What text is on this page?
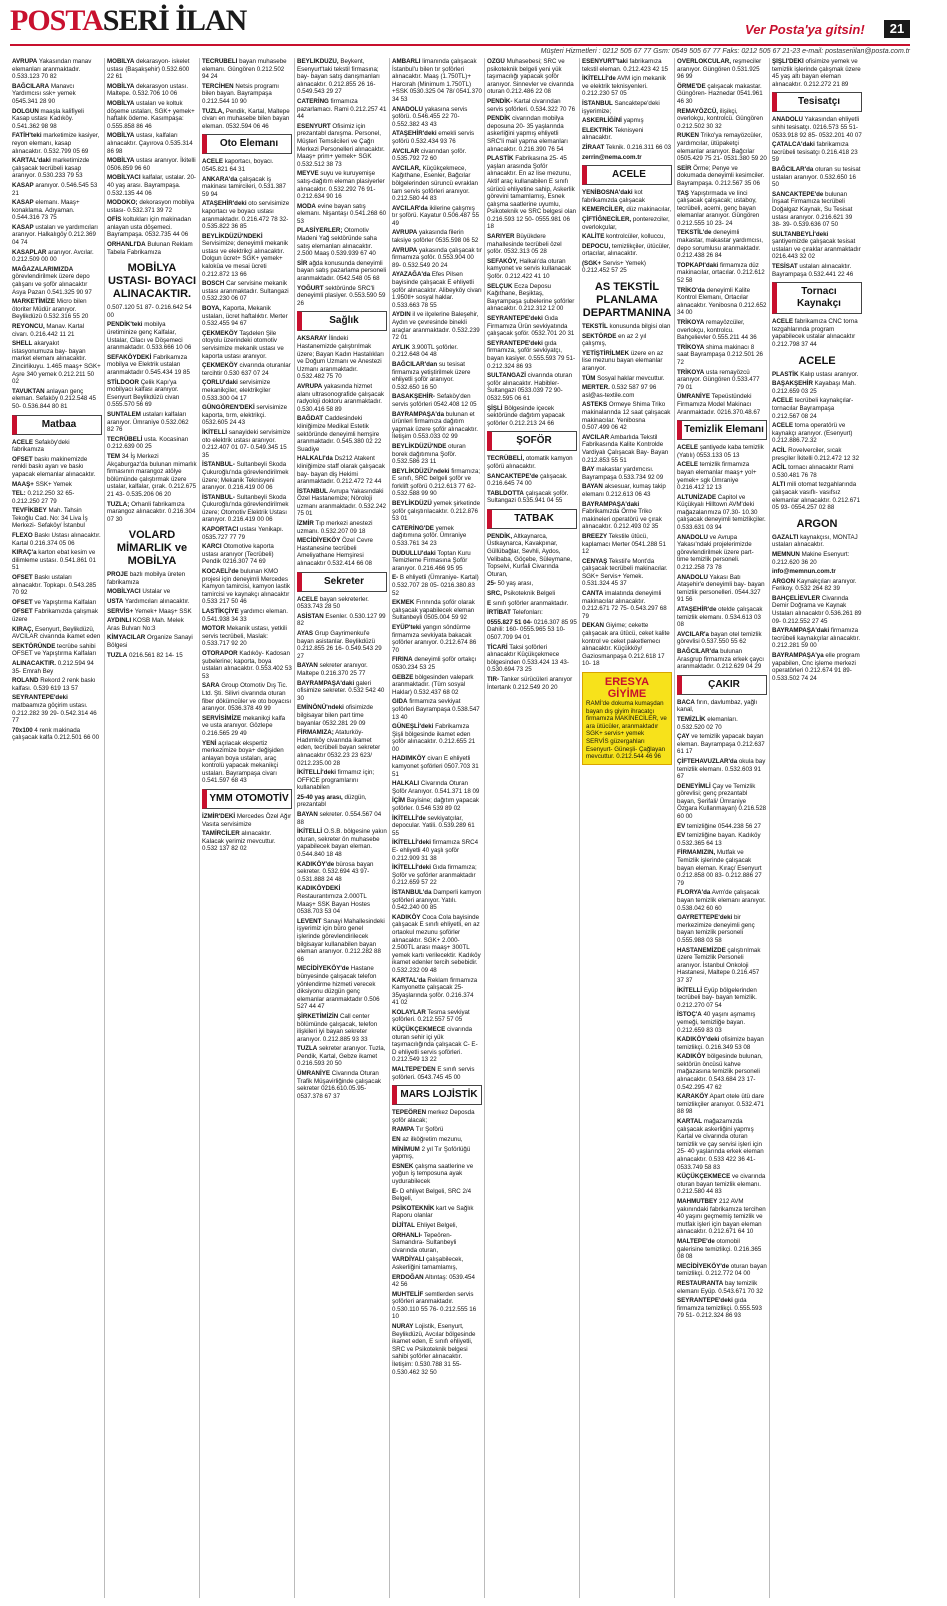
POSTASERİ İLAN	Ver Posta'ya gitsin!	21
Müşteri Hizmetleri : 0212 505 67 77 Gsm: 0549 505 67 77 Faks: 0212 505 67 21-23 e-mail: postaseriilan@posta.com.tr
AVRUPA Yakasından manav elemanları aranmaktadır. 0.533.123 70 82
BAĞCILARA Manavcı Yardımcısı ssk+ yemek 0545.341 28 90
DOLGUN maaşla kalifiyeli Kasap ustası Kadıköy. 0.541.362 98 98
FATİH'teki marketimize kasiyer, reyon elemanı, kasap alınacaktır. 0.532.799 05 69
KARTAL'daki marketimizde çalışacak tecrübeli kasap aranıyor. 0.530.233 79 53
KASAP aranıyor. 0.546.545 53 21
KASAP elemanı. Maaş+ konaklama. Adıyaman. 0.544.316 73 75
KASAP ustaları ve yardımcıları aranıyor. Halkalıgöy 0.212.369 04 74
KASAPLAR aranıyor. Avcılar. 0.212.509 00 00
MAĞAZALARIMIZDA görevlendirilmek üzere depo çalışanı ve şoför alınacaktır Asya Pazarı 0.541.325 90 97
MARKETİMİZE Micro bilen ötoriter Müdür aranıyor. Beylikdüzü 0.532.316 55 20
REYONCU, Manav. Kartal civarı. 0.216.442 11 21
SHELL akaryakıt istasyonumuza bay- bayan market elemanı alınacaktır. Zincirlikuyu. 1.465 maaş+ SGK+ Aşre 340 yemek 0.212.211 50 02
TAVUKTAN anlayan genç eleman. Sefaköy 0.212.548 45 50- 0.536.844 80 81
Matbaa
ACELE Sefaköy'deki fabrikamıza
OFSET baskı makinemizde renkli baskı ayarı ve baskı yapacak elemanlar alınacaktır.
MAAŞ+ SSK+ Yemek
TEL: 0.212.250 32 65- 0.212.250 27 79
TEVFİKBEY Mah. Tahsin Tekoğlu Cad. No: 34 Livа İş Merkezi- Sefaköy/ İstanbul
FLEXO Baskı Ustası alınacaktır. Kartal 0.216.374 05 06
KIRAÇ'a karton ebat kesim ve dilimleme ustası. 0.541.861 01 51
OFSET Baskı ustaları alınacaktır. Topkapı. 0.543.285 70 92
OFSET ve Yapıştırma Kalfaları
OFSET Fabrikamızda çalışmak üzere
KIRAÇ, Esenyurt, Beylikdüzü, AVCILAR civarında ikamet eden
SEKTÖRÜNDE tecrübe sahibi OFSET ve Yapıştırma Kalfaları
ALINACAKTIR. 0.212.594 94 35- Emrah Bey
ROLAND Rekord 2 renk baskı kalfası. 0.539 619 13 57
SEYRANTEPE'deki matbaamıza göçirim ustası. 0.212.282 39 29- 0.542.314 46 77
70x100 4 renk makinada çalışacak kalfa 0.212.501 66 00
MOBİLYA dekarasyon- iskelet ustası (Başakşehir) 0.532.600 22 61
MOBİLYA dekarasyon ustası. Maltepe. 0.532.706 10 06
MOBİLYA ustaları ve koltuk döşeme ustaları, SGK+ yemek+ haftalık ödeme. Kasımpaşa: 0.555.858 86 46
MOBİLYA ustası, kalfaları alınacaktır. Çayırova 0.535.314 86 98
MOBİLYA ustası aranıyor. İkitelli 0506.859 96 60
MOBİLYACI kalfalar, ustalar. 20- 40 yaş arası. Bayrampaşa. 0.532.135 44 06
MODOKO; dekorasyon mobilya ustası- 0.532.371 39 72
OFİS koltukları için makinadan anlayan usta döşemeci. Bayrampaşa. 0532.735 44 06
ORHANLI'DA Bulunan Reklam Tabela Fabrikamıza
MOBİLYA USTASI- BOYACI ALINACAKTIR.
0.507.120 51 87- 0.216.642 54 00
PENDİK'teki mobilya üretiminize genç Kalfalar, Ustalar, Cilacı ve Döşemeci aranmaktadır. 0.533.666 10 06
SEFAKÖYDEKİ Fabrikamıza mobilya ve Elektrik ustaları aranmaktadır 0.545.434 19 85
STİLDOOR Çelik Kapı'ya mobilyacı kalfası aranıyor. Esenyurt Beylikdüzü civarı 0.555.570 56 69
SUNTALEM ustaları kalfaları aranıyor. Ümraniye 0.532.062 82 76
TECRÜBELİ usta. Kocasinan 0.212.639 00 25
TEM 34 İş Merkezi Akçaburgaz'da bulunan mimarlık firmasının marangoz atölye bölümünde çalıştırmak üzere ustalar, kalfalar, çırak. 0.212.675 21 43- 0.535.206 06 20
TUZLA; Orhanli fabrikamıza marangoz alınacaktır. 0.216.304 07 30
VOLARD MİMARLIK ve MOBİLYA
PROJE bazlı mobilya üreten fabrikamıza
MOBİLYACI Ustalar ve
USTA Yardımcıları alınacaktır.
SERVİS+ Yemek+ Maaş+ SSK
AYDINLI KOSB Mah. Melek Aras Bulvarı No:3
KİMYACILAR Organize Sanayi Bölgesi
TUZLA 0216.561 82 14- 15
TECRÜBELİ bayan muhasebe elemanı. Güngören 0.212.502 94 24
TERCİHEN Netsis programı bilen bayan. Bayrampaşa 0.212.544 10 90
TUZLA, Pendik, Kartal, Maltepe civarı en muhasebe bilen bayan eleman. 0532.594 06 46
Oto Elemanı
ACELE kaportacı, boyacı. 0545.821 64 31
ANKARA'da çalışacak iş makinası tamircileri, 0.531.387 59 94
ATAŞEHİR'deki oto servisimize kaportacı ve boyacı ustası aranmaktadır. 0.216.472 78 32- 0.535.822 36 85
BEYLİKDÜZÜ'NDEKİ Servisimize; deneyimli mekanik ustası ve elektrikçi alınacaktır. Dolgun ücret+ SGK+ yemek+ kaloküa ve mesai ücreti 0.212.872 13 66
BOSCH Car servisine mekanik ustası aranmaktadır. Sultangazi 0.532.230 06 07
BOYA, Kaporta, Mekanik ustaları, ücret haftalıktır. Merter 0.532.455 94 67
ÇEKMEKÖY Taşdelen Şile otoyolu üzerindeki otomotiv servisimize mekanik ustası ve kaporta ustası aranıyor.
ÇEKMEKÖY civarında oturanlar tercihtir 0.530 637 07 24
ÇORLU'daki servisimize mekanikçiler, elektrikçiler 0.533.300 04 17
GÜNGÖREN'DEKİ servisimize kaporta, tırm, elektrikçi. 0532.605 24 43
İKİTELLİ sanayideki servisimize oto elektrik ustası aranıyor. 0.212.407 01 07- 0.549.345 15 35
İSTANBUL- Sultanbeyli Skoda Çukuroğlu'nda görevlendirilmek üzere; Mekanik Teknisyeni aranıyor. 0.216.419 00 06
İSTANBUL- Sultanbeyli Skoda Çukuroğlu'nda görevlendirilmek üzere; Otomotiv Elektrik Ustası aranıyor. 0.216.419 00 06
KAPORTACI ustası Yenikapı. 0535.727 77 79
KARCI Otomotive kaporta ustası aranıyor (Tecrübeli) Pendik 0216.307 74 69
KOCAELİ'de bulunan KMO projesi için deneyimli Mercedes Kamyon tamircisi, kamyon lastik tamircisi ve kaynakçı alınacaktır 0.533 217 50 46
LASTİKÇİYE yardımcı eleman. 0.541.938 34 33
MOTOR Mekanik ustası, yetkili servis tecrübeli, Maslak: 0.533.717 92 20
OTORAPOR Kadıköy- Kadosan şubelerine; kaporta, boya ustaları alınacaktır. 0.553.402 53 53
SARA Group Otomotiv Dış Tic. Ltd. Şti. Silivri civarında oturan fiber dökümcüler ve oto boyacısı aranıyor. 0536.378 49 99
SERVİSİMİZE mekanikçi kalfa ve usta aranıyor. Gözlepe 0.216.565 29 49
YENİ açılacak ekspertiz merkezimize boya+ değişiden anlayan boya ustaları, araç kontrolü yapacak mekanikçi ustaları. Bayrampaşa civarı 0.541.597 68 43
YMM OTOMOTİV
İZMİR'DEKİ Mercedes Özel Ağır Vasıta servisimize
TAMİRCİLER alınacaktır. Kalacak yerimiz mevcuttur. 0.532 137 82 02
BEYLİKDÜZÜ, Beykent, Esenyurt'taki tekstil firmasına; bay- bayan satış danışmanları alınacaktır. 0.212.855 26 16- 0.549.543 29 27
CATERİNG firmamıza pazarlamacı. Rami 0.212.257 41 44
ESENYURT Ofisimiz için prezantabl danışma. Personel, Müşteri Temsilcileri ve Çağrı Merkezi Personelleri alınacaktır. Maaş+ prim+ yemek+ SGK 0.532.512 38 73
MEYVE suyu ve kuruyemişe satış-dağıtım eleman plasiyerler alınacaktır. 0.532.292 76 91- 0.212.634 90 16
MODA evine bayan satış elemanı. Nişantaşı 0.541.268 60 53
PLASİYERLER; Otomotiv Madeni Yağ sektöründe saha satış elemanları alınacaktır. 2.500 Maaş 0.539.939 67 40
SİR ağda konusunda deneyimli bayan satış pazarlama personeli aranmaktadır. 0542.548 05 68
YOĞURT sektöründe SRC'li deneyimli plasiyer. 0.553.590 59 26
Sağlık
AKSARAY İlindeki Hastanemizde çalıştırılmak üzere; Bayan Kadın Hastalıkları ve Doğum Uzmanı ve Anestezi Uzmanı aranmaktadır. 0.532.482 75 70
AVRUPA yakasında hizmet alanı ultrasonografide çalışacak radyoloji doktoru aranmaktadır. 0.530.416 58 89
BAĞDAT Caddesindeki kliniğimize Medikal Estetik sektöründe deneyimli hemşire aranmaktadır. 0.545.380 02 22 Suadiye
HALKALI'da Ds212 Atakent kliniğimize staff olarak çalışacak bay- bayan diş Hekimi aranmaktadır. 0.212.472 72 44
İSTANBUL Avrupa Yakasındaki Özel Hastanemize; Nöroloji uzmanı aranmaktadır. 0.532.242 75 01
İZMİR Tıp merkezi anestezi uzmanı. 0.532.207 09 18
MECİDİYEKÖY Özel Cevre Hastanesine tecrübeli Ameliyathane Hemşiresi alınacaktır 0.532.414 66 08
Sekreter
ACELE bayan sekreterler. 0533.743 28 50
ASİSTAN Esenler. 0.530.127 99 82
AYAS Grup Gayrimenkul'e bayan asistanlar. Beylikdüzü 0.212.855 26 16- 0.549.543 29 27
BAYAN sekreter aranıyor. Maltepe 0.216.370 25 77
BAYRAMPAŞA'daki galeri ofisimize sekreter. 0.532 542 40 30
EMİNÖNÜ'ndeki ofisimizde bilgisayar bilen part time bayanlar 0532.281 29 09
FİRMAMIZA; Ataturköy- Hadımköy civarında ikamet eden, tecrübeli bayan sekreter alınacaktır 0532.23 23 623/ 0212.235.00 28
İKİTELLİ'deki firmamız için; OFFICE programlarını kullanabilen
25-40 yaş arası, düzgün, prezantabl
BAYAN sekreter. 0.554.567 04 88
İKİTELLİ O.S.B. bölgesine yakın oturan, sekreter ön muhasebe yapabilecek bayan eleman. 0.544.840 18 48
KADIKÖY'de bürosa bayan sekreter. 0.532.694 43 97- 0.531.888 24 48
KADIKÖYDEKİ Restaurantımıza 2.000TL Maaş+ SSK Bayan Hostes 0538.703 53 04
LEVENT Sanayi Mahallesindeki işyerimiz için büro genel işlerinde görevlendirilecek bilgisayar kullanabilen bayan eleman aranıyor. 0.212.282 88 66
MECİDİYEKÖY'de Hastane bünyesinde çalışacak telefon yönlendirme hizmeti verecek diksiyonu düzgün genç elemanlar aranmaktadır 0.506 527 44 47
ŞİRKETİMİZİN Call center bölümünde çalışacak, telefon ilişkileri iyi bayan sekreter aranıyor. 0.212.885 93 33
TUZLA sekreter aranıyor. Tuzla, Pendik, Kartal, Gebze ikamet 0.216.593 20 50
ÜMRANİYE Civarında Oturan Trafik Müşavirliğinde çalışacak sekreter 0216.610.05.95- 0537.378 67 37
AMBARLI limanında çalışacak İstanbul'u bilen tır şoförleri alınacaktır. Maaş (1.750TL)+ Harcırah (Minimum 1.750TL) +SSK 0530.325 04 78/ 0541.370 34 53
ANADOLU yakasına servis şoförü. 0.546.455 22 70- 0.552.382 43 43
ATAŞEHİR'deki emekli servis şoförü 0.532.434 93 76
AVCILAR civarından şoför. 0.535.792 72 60
AVCILAR, Küçükçekmece, Kağıthane, Esenler, Bağcılar bölgelerinden süruncü evraklan tam servis şoförleri aranıyor. 0.212.580 44 83
AVCILAR'da ikilerine çalışmış tır şoförü. Kayatur 0.506.487 55 49
AVRUPA yakasında filerin taksiye şoförler 0535.598 06 52
AVRUPA yakasında çalışacak tır firmamıza şoför. 0.553.904 00 89- 0.532.549 20 24
AYAZAĞA'da Efes Pilsen bayisinde çalışacak E ehliyetli şoför alınacaktır. Alibeyköy civarı 1.950tl+ sosyal haklar. 0.533.663 78 55
AYDIN il ve ilçelerine Baleşehir, Aydın ve çevresinde binekli araçlar aranmaktadır. 0.532.239 72 01
AYLIK 3.900TL şoförler. 0.212.648 04 48
BAĞCILAR'dan su tesisat firmamıza yetiştirilmek üzere ehliyetli şoför aranıyor. 0.532.650 16 50
BASAKŞEHİR- Sefaköy'den servis şoförleri 0542.408 12 05
BAYRAMPAŞA'da bulunan et ürünleri firmamıza dağıtım yapmak üzere şoför alınacaktır. İletişim 0.553.033 02 99
BEYLİKDÜZÜ'NDE oturan borek dağıtımına Şoför. 0.532.586 23 11
BEYLİKDÜZÜ'ndeki firmamıza; E sınıfı, SRC belgeli şoför ve forklift şoförü 0.212.613 77 62- 0.532.588 99 90
BEYLİKDÜZÜ yemek şirketinde şoför çalıştırılacaktır. 0.212.876 53 01
CATERİNG'DE yemek dağıtımına şoför. Ümraniye 0.533.761 34 23
DUDULLU'daki Toptan Kuru Temizleme Firmasına Şoför aranıyor. 0.216.466 95 95
E- B ehliyetli (Ümraniye- Kartal) 0.532.707 28 05- 0216.380.83 52
EKMEK Fırınında şoför olarak çalışacak yapabilecek eleman Sultanbeyli 0505.004 59 92
EYÜP'teki yangın söndürme firmamıza sevkiyata bakacak şoförler aranıyor. 0.212.674 86 70
FIRINA deneyimli şoför ortakçı 0530.234 53 25
GEBZE bölgesinden valepark aranmaktadır. (Tüm sosyal Haklar) 0.532.437 68 02
GIDA firmamıza sevkiyat şoförleri Bayrampaşa 0.538.547 13 40
GÜNEŞLİ'deki Fabrikamıza Şişli bölgesinde ikamet eden şoför alınacaktır. 0.212.655 21 00
HADIMKÖY civarı E ehliyetli kamyonet şoförleri 0507.703 31 51
HALKALI Civarında Oturan Şoför Aranıyor. 0.541.371 18 09
İÇİM Bayisine; dağıtım yapacak şoförler. 0.546 539 89 02
İKİTELLİ'de sevkiyatçılar, depocular. Yatili. 0.539.289 61 55
İKİTELLİ'deki firmamıza SRC4 E- ehliyetli 40 yaşlı şoför 0.212.909 31 38
İKİTELLİ'deki Gıda firmamıza; Şoför ve şoförler aranmaktadır 0.212.659 57 22
İSTANBUL'da Damperli kamyon şoförleri aranıyor. Yatılı. 0.542.240 00 85
KADIKÖY Coca Cola bayisinde çalışacak E sınıfı ehliyetli, en az ortaokul mezunu şoförler alınacaktır. SGK+ 2.000- 2.500TL arası maaş+ 300TL yemek kartı verilecektir. Kadıköy ikamet edenler tercih sebebidir. 0.532.232 09 48
KARTAL'da Reklam firmamıza Kamyonette çalışacak 25-35yaşlarında şoför. 0.216.374 41 02
KOLAYLAR Tesma sevkiyat şoförleri. 0.212.557 57 05
KÜÇÜKÇEKMECE civarında oturan sehir içi yük taşımacılığında çalışacak C- E- D ehliyetli servis şoförleri. 0.212.549 13 22
MALTEPE'DEN E sınıfı servis şoförleri. 0543.745 45 00
MARS LOJİSTİK
TEPEÖREN merkez Deposda şoför alacak;
RAMPA Tır Şoförü
EN az ilköğretim mezunu,
MİNİMUM 2 yıl Tır Şoförlüğü yapmış,
ESNEK çalışma saatlerine ve yoğun iş temposuna ayak uydurabilecek
E- D ehliyet Belgeli, SRC 2/4 Belgeli,
PSİKOTEKNİK kart ve Sağlık Raporu olanlar
DİJİTAL Ehliyet Belgeli,
ORHANLI- Tepeören- Samandıra- Sultanbeyli civarında oturan,
VARDİYALI çalışabilecek, Askerliğini tamamlamış,
ERDOĞAN Altıntaş: 0539.454 42 56
MUHTELİF semtlerden servis şoförleri aranmaktadır. 0.530.110 55 76- 0.212.555 16 10
NURAY Lojistik, Esenyurt, Beylikdüzü, Avcılar bölgesinde ikamet eden, E sınıfı ehliyetli, SRC ve Psikoteknik belgesi sahibi şoförler alınacaktır. İletişim: 0.530.788 31 55- 0.530.462 32 50
ÖZGÜ Muhasebesi; SRC ve psikoteknik belgeli yeni yük taşımacılığı yapacak şoför aranıyor. Sinnevler ve civarında oturan 0.212.486 22 08
PENDİK- Kartal civarından servis şoförleri. 0.534.322 70 76
PENDİK civarından mobilya deposuna 20- 35 yaşlarında askerliğini yapmış ehliyetli SRC'li mail yapma elemanları alınacaktır. 0.216.390 76 54
PLASTİK Fabrikasına 25- 45 yaşları arasında Şoför alınacaktır. En az lise mezunu, Aktif araç kullanabilen E sınıfı sürücü ehliyetine sahip, Askerlik görevini tamamlamış, Esnek çalışma saatlerine uyumlu, Psikoteknik ve SRC belgesi olan 0.216.593 12 50- 0555.981 06 18
SARIYER Büyükdere mahallesinde tecrübeli özel şoför. 0532.313 05 28
SEFAKÖY, Halkalı'da oturan kamyonet ve servis kullanacak Şoför. 0.212.422 41 10
SELÇUK Ecza Deposu Kağıthane, Beşiktaş, Bayrampaşa şubelerine şoförler alınacaktır. 0.212.312 12 00
SEYRANTEPE'deki Gıda Firmamıza Ürün sevkiyatında çalışacak şoför. 0532.701 20 31
SEYRANTEPE'deki gıda firmamıza, şoför sevkiyatçı, bayan kasiyer. 0.555.593 79 51- 0.212.324 86 93
SULTANGAZİ civarında oturan şoför alınacaktır. Habibler- Sultangazi 0533.039 72 90- 0532.595 06 61
ŞİŞLİ Bölgesinde içecek sektöründe dağıtım yapacak şoförler 0.212.213 24 66
ŞOFÖR
TECRÜBELİ, otomatik kamyon şoförü alınacaktır.
SANCAKTEPE'de çalışacak. 0.216.645 74 00
TABLDOTTA çalışacak şoför. Sultangazi 0.535.941 04 55
TATBAK
PENDİK, Altkaynarca, Üstkaynarca, Kavakpınar, Güllübağlar, Sevhli, Aydos, Velibaba, Göçebe, Süleymane, Topselvi, Kurfali Civarında Oturan,
25- 50 yaş arası,
SRC, Psikoteknik Belgeli
E sınıfı şoförler aranmaktadır.
İRTİBAT Telefonları:
0555.827 51 04- 0216.307 85 95 Dahili: 160- 0555.965 53 10- 0507.709 94 01
TİCARİ Taksi şoförleri alınacaktır Küçükçekmece bölgesinden 0.533.424 13 43- 0.530.694 73 25
TIR- Tanker sürücüleri aranıyor İntertank 0.212.549 20 20
ESENYURT'taki fabrikamıza tekstil eleman. 0.212.423 42 15
İKİTELLİ'de AVM için mekanik ve elektrik teknisyenleri. 0.212.230 57 05
İSTANBUL Sancaktepe'deki işyerimize;
ASKERLİĞİNİ yapmış
ELEKTRİK Teknisyeni alınacaktır.
ZİRAAT Teknik. 0.216.311 66 03
zerrin@nema.com.tr
ACELE
YENİBOSNA'daki kot fabrikamızda çalışacak
KEMERCİLER, düz makinacılar,
ÇİFTİĞNECİLER, ponterezciler, overlokçular,
KALİTE kontrolcüler, kolluccu,
DEPOCU, temizlikçiler, ütücüler, ortacılar, alınacaktır.
(SGK+ Servis+ Yemek) 0.212.452 57 25
AS TEKSTİL PLANLAMA DEPARTMANINA
TEKSTİL konusunda bilgisi olan
SEKTÖRDE en az 2 yıl çalışmış,
YETİŞTİRİLMEK üzere en az lise mezunu bayan elemanlar aranıyor.
TÜM Sosyal haklar mevcuttur.
MERTER. 0.532 587 97 96 asl@as-textile.com
ASTEKS Ormeye Shima Triko makinalarında 12 saat çalışacak makinacılar. Yenibosna 0.507.499 06 42
AVCILAR Ambarlıda Tekstil Fabrikasında Kalite Kontrolde Vardiyalı Çalışacak Bay- Bayan 0.212.853 55 51
BAY makastar yardımcısı. Bayrampaşa 0.533.734 92 09
BAYAN aksesuar, kumaş takip elemanı 0.212.613 06 43
BAYRAMPAŞA'daki Fabrikamızda Örme Triko makineleri operatörü ve çırak alınacaktır. 0.212.493 02 35
BREEZY Tekstile ütücü, kaplamacı Merter 0541.288 51 12
CENYAŞ Tekstil'e Mont'da çalışacak tecrübeli makinacılar. SGK+ Servis+ Yemek. 0.531.324 45 37
CANTA imalatında deneyimli makinacılar alınacaktır. 0.212.671 72 75- 0.543.297 68 79
DEKAN Giyime; cekette çalışacak ara ütücü, ceket kalite kontrol ve ceket paketlemecı alınacaktır. Küçükköy/ Gaziosmanpaşa 0.212.618 17 10- 18
ERESYA GİYİME
RAMİ'de dokuma kumaşdan bayan dış giyim ihracatçı firmamıza MAKİNECİLER, ve ara ütücüler, aranmaktadır SGK+ servis+ yemek SERVİS güzergahları Esenyurt- Güneşli- Çağlayan mevcuttur. 0.212.544 46 96
OVERLOKCULAR, reşmeciler aranıyor. Güngören 0.531.925 96 99
ÖRME'DE çalışacak makastar. Güngören- Haznedar 0541.961 46 30
REMAYÖZCÜ, ilişikçi, overlokçu, kontrolcü. Güngören 0.212.502 30 32
RUKEN Triko'ya remayözcüler, yardımcılar, ütüpaketçi elemanlar aranıyor. Bağcılar 0505.429 75 21- 0531.380 59 20
SEİR Örme; Penye ve dokumada deneyimli kesimciler. Bayrampaşa. 0.212.567 35 06
TAŞ Yapıştırmada ve linci çalışacak çalışacak; ustaboy, tecrübeli, acemi, genç bayan elemanlar aranıyor. Güngören 0.212.555 10 23- 24
TEKSTİL'de deneyimli makastar, makastar yardımcısı, depo sorumlusu aranmaktadır. 0.212.438 26 84
TOPKAPI'daki firmamıza düz makinacılar, ortacılar. 0.212.612 52 58
TRİKO'da deneyimli Kalite Kontrol Elemanı, Ortacılar alınacaktır. Yenibosna 0.212.652 34 00
TRİKOYA remayözcüler, overlokçu, kontrolcu. Bahçelievler 0.555.211 44 36
TRİKOYA shima makinacı 8 saat Bayrampaşa 0.212.501 26 72
TRİKOYA usta remayözcü aranıyor. Güngören 0.533.477 79 01
ÜMRANİYE Tepeüstündeki Firmamıza Model Makinacı Aranmaktadır. 0216.370.48.67
Temizlik Elemanı
ACELE şantiyede kaba temizlik (Yatılı) 0553.133 05 13
ACELE temizlik firmamıza bayan elemanlar maaş+ yol+ yemek+ sgk Ümraniye 0.216.412 12 13
ALTUNİZADE Capitol ve Küçükyalı Hilltown AVM'deki mağazalarımıza 07.30- 10.30 çalışacak deneyimli temizlikçiler. 0.533.631 03 94
ANADOLU ve Avrupa Yakası'ndaki projelerimizde görevlendirilmek üzere part- time temizlik personeli. 0.212.258 73 78
ANADOLU Yakası Batı Ataşehir'e deneyimli bay- bayan temizlik personelleri. 0544.327 91 56
ATAŞEHİR'de otelde çalışacak temizlik elemanı. 0.534.613 03 08
AVCILAR'a bayan otel temizlik görevlisi 0.537.550 55 62
BAĞCILAR'da bulunan Arasgrup firmamıza erkek çaycı aranmaktadır. 0.212.629 04 29
ÇAKIR
BACA fırın, davlumbaz, yağlı kanal,
TEMİZLİK elemanları. 0.532.520 02 70
ÇAY ve temizlik yapacak bayan eleman. Bayrampaşa 0.212.637 61 17
ÇİFTEHAVUZLAR'da okula bay temizlik elemanı. 0.532.603 91 67
DENEYİMLİ Çay ve Temizlik görevlisi; genç prezantabl bayan, Şerifali/ Ümraniye Özgara Kullanmayan) 0.216.528 60 00
EV temizliğine 0544.238 56 27
EV temizliğine bayan. Kadıköy 0.532.365 64 13
FİRMAMIZIN, Mutfak ve Temizlik işlerinde çalışacak bayan eleman. Kıraç/ Esenyurt 0.212.858 00 83- 0.212.886 27 79
FLORYA'da Avm'de çalışacak bayan temizlik elemanı aranıyor. 0.538.042 60 60
GAYRETTEPE'deki bir merkezimize deneyimli genç bayan temizlik personeli 0.555.988 03 58
HASTANEMİZDE çalıştırılmak üzere Temizlik Personeli aranıyor. İstanbul Onkoloji Hastanesi, Maltepe 0.216.457 37 37
İKİTELLİ Eyüp bölgelerinden tecrübeli bay- bayan temizlik. 0.212.270 07 54
İSTOÇ'A 40 yaşını aşmamış yemeği, temizliğe bayan. 0.212.659 83 03
KADIKÖY'deki ofisimize bayan temizlikçi. 0.216.349 53 08
KADIKÖY bölgesinde bulunan, sektörün öncüsü kahve mağazasına temizlik personeli alınacaktır. 0.543.684 23 17- 0.542.295 47 62
KARAKÖY Apart otele ütü dare temizlikçiler aranıyor. 0.532.471 88 98
KARTAL mağazamızda çalışacak askerliğini yapmış Kartal ve civarında oturan temizlik ve çay servisi işleri için 25- 40 yaşlarında erkek eleman alınacaktır. 0.533 422 36 41- 0533.749 58 83
KÜÇÜKÇEKMECE ve civarında oturan bayan temizlik elemanı. 0.212.580 44 83
MAHMUTBEY 212 AVM yakınındaki fabrikamıza tercihen 40 yaşını geçmemiş temizlik ve mutfak işleri için bayan eleman alınacaktır. 0.212.671 64 10
MALTEPE'de otomobil galerisine temizlikçi. 0.216.365 08 08
MECİDİYEKÖY'de oturan bayan temizlikçi. 0.212.772 04 00
RESTAURANTA bay temizlik elemanı Eyüp. 0.543.671 70 32
SEYRANTEPE'deki gıda firmamıza temizlikçi. 0.555.593 79 51- 0.212.324 86 93
ŞİŞLİ'DEKİ ofisimize yemek ve temizlik işlerinde çalışmak üzere 45 yaş altı bayan eleman alınacaktır. 0.212.272 21 89
Tesisatçı
ANADOLU Yakasından ehliyetli sıhhi tesisatçı. 0216.573 55 51- 0533.918 92 85- 0532.201 40 07
ÇATALCA'daki fabrikamıza tecrübeli tesisatçı 0.216.418 23 59
BAĞCILAR'da oturan su tesisat ustaları aranıyor. 0.532.650 16 50
SANCAKTEPE'de bulunan İnşaat Firmamıza tecrübeli Doğalgaz Kaynak, Su Tesisat ustası aranıyor. 0.216.621 39 38- 39- 0.539.636 07 50
SULTANBEYLİ'deki şantiyemizde çalışacak tesisat ustaları ve çıraklar aranmaktadır 0216.443 32 02
TESİSAT ustaları alınacaktır. Bayrampaşa 0.532.441 22 46
Tornacı Kaynakçı
ACELE fabrikamıza CNC torna tezgahlarında program yapabilecek ustalar alınacaktır 0.212.798 37 44
ACELE
PLASTİK Kalıp ustası aranıyor.
BAŞAKŞEHİR Kayabaşı Mah. 0.212.659 03 25
ACELE tecrübeli kaynakçılar- tornacılar Bayrampaşa 0.212.567 08 24
ACELE torna operatörü ve kaynakçı aranıyor. (Esenyurt) 0.212.886.72.32
ACİL Rovelverciler, sıcak presçiler İkitelli 0.212.472 12 32
ACİL tornacı alınacaktır Rami 0.530.481 76 78
ALTI mili otomat tezgahlarında çalışacak vasıflı- vasıfsız elemanlar alınacaktır. 0.212.671 05 93- 0554.257 02 88
ARGON
GAZALTI kaynakçısı, MONTAJ ustaları alınacaktır.
MEMNUN Makine Esenyurt: 0.212.620 36 20
info@memnun.com.tr
ARGON Kaynakçıları aranıyor. Ferikoy. 0.532 264 82 39
BAHÇELİEVLER Civarında Demir Doğrama ve Kaynak Ustaları alınacaktır 0.536.261 89 09- 0.212.552 27 45
BAYRAMPAŞA'daki firmamıza tecrübeli kaynakçılar alınacaktır. 0.212.281 59 00
BAYRAMPAŞA'ya elle program yapabilen, Cnc işleme merkezi operatörleri 0.212.674 91 89- 0.533.502 74 24
